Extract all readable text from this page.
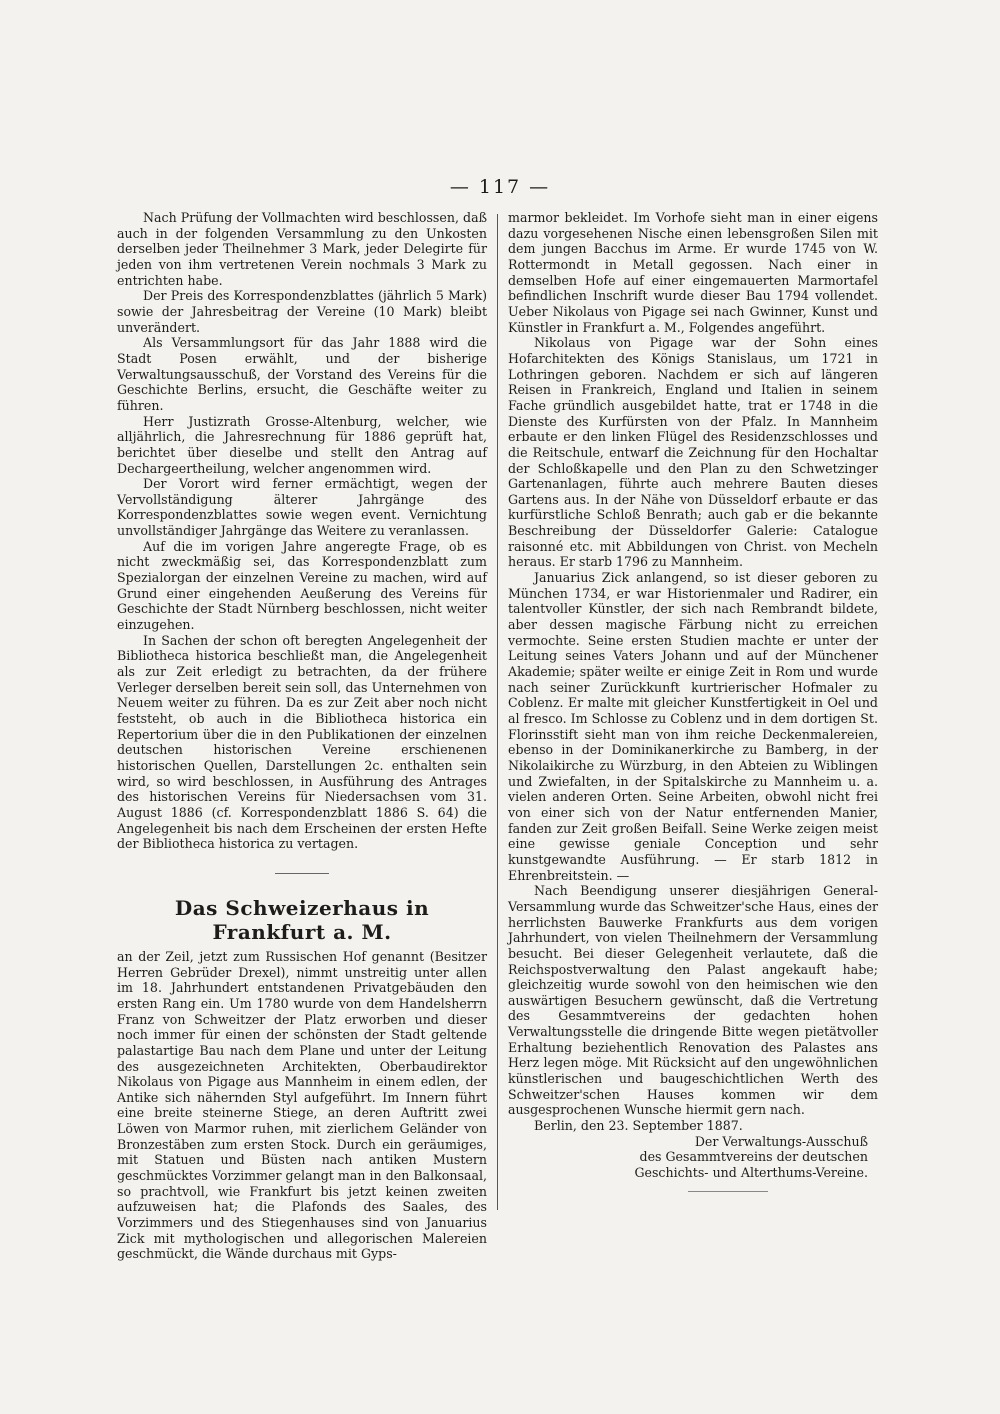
— 117 —

Nach Prüfung der Vollmachten wird beschlossen, daß auch in der folgenden Versammlung zu den Unkosten derselben jeder Theilnehmer 3 Mark, jeder Delegirte für jeden von ihm vertretenen Verein nochmals 3 Mark zu entrichten habe.

Der Preis des Korrespondenzblattes (jährlich 5 Mark) sowie der Jahresbeitrag der Vereine (10 Mark) bleibt unverändert.

Als Versammlungsort für das Jahr 1888 wird die Stadt Posen erwählt, und der bisherige Verwaltungsausschuß, der Vorstand des Vereins für die Geschichte Berlins, ersucht, die Geschäfte weiter zu führen.

Herr Justizrath Grosse-Altenburg, welcher, wie alljährlich, die Jahresrechnung für 1886 geprüft hat, berichtet über dieselbe und stellt den Antrag auf Dechargeertheilung, welcher angenommen wird.

Der Vorort wird ferner ermächtigt, wegen der Vervollständigung älterer Jahrgänge des Korrespondenzblattes sowie wegen event. Vernichtung unvollständiger Jahrgänge das Weitere zu veranlassen.

Auf die im vorigen Jahre angeregte Frage, ob es nicht zweckmäßig sei, das Korrespondenzblatt zum Spezialorgan der einzelnen Vereine zu machen, wird auf Grund einer eingehenden Aeußerung des Vereins für Geschichte der Stadt Nürnberg beschlossen, nicht weiter einzugehen.

In Sachen der schon oft beregten Angelegenheit der Bibliotheca historica beschließt man, die Angelegenheit als zur Zeit erledigt zu betrachten, da der frühere Verleger derselben bereit sein soll, das Unternehmen von Neuem weiter zu führen. Da es zur Zeit aber noch nicht feststeht, ob auch in die Bibliotheca historica ein Repertorium über die in den Publikationen der einzelnen deutschen historischen Vereine erschienenen historischen Quellen, Darstellungen 2c. enthalten sein wird, so wird beschlossen, in Ausführung des Antrages des historischen Vereins für Niedersachsen vom 31. August 1886 (cf. Korrespondenzblatt 1886 S. 64) die Angelegenheit bis nach dem Erscheinen der ersten Hefte der Bibliotheca historica zu vertagen.

Das Schweizerhaus in Frankfurt a. M.

an der Zeil, jetzt zum Russischen Hof genannt (Besitzer Herren Gebrüder Drexel), nimmt unstreitig unter allen im 18. Jahrhundert entstandenen Privatgebäuden den ersten Rang ein. Um 1780 wurde von dem Handelsherrn Franz von Schweitzer der Platz erworben und dieser noch immer für einen der schönsten der Stadt geltende palastartige Bau nach dem Plane und unter der Leitung des ausgezeichneten Architekten, Oberbaudirektor Nikolaus von Pigage aus Mannheim in einem edlen, der Antike sich nähernden Styl aufgeführt. Im Innern führt eine breite steinerne Stiege, an deren Auftritt zwei Löwen von Marmor ruhen, mit zierlichem Geländer von Bronzestäben zum ersten Stock. Durch ein geräumiges, mit Statuen und Büsten nach antiken Mustern geschmücktes Vorzimmer gelangt man in den Balkonsaal, so prachtvoll, wie Frankfurt bis jetzt keinen zweiten aufzuweisen hat; die Plafonds des Saales, des Vorzimmers und des Stiegenhauses sind von Januarius Zick mit mythologischen und allegorischen Malereien geschmückt, die Wände durchaus mit Gyps-

marmor bekleidet. Im Vorhofe sieht man in einer eigens dazu vorgesehenen Nische einen lebensgroßen Silen mit dem jungen Bacchus im Arme. Er wurde 1745 von W. Rottermondt in Metall gegossen. Nach einer in demselben Hofe auf einer eingemauerten Marmortafel befindlichen Inschrift wurde dieser Bau 1794 vollendet. Ueber Nikolaus von Pigage sei nach Gwinner, Kunst und Künstler in Frankfurt a. M., Folgendes angeführt.

Nikolaus von Pigage war der Sohn eines Hofarchitekten des Königs Stanislaus, um 1721 in Lothringen geboren. Nachdem er sich auf längeren Reisen in Frankreich, England und Italien in seinem Fache gründlich ausgebildet hatte, trat er 1748 in die Dienste des Kurfürsten von der Pfalz. In Mannheim erbaute er den linken Flügel des Residenzschlosses und die Reitschule, entwarf die Zeichnung für den Hochaltar der Schloßkapelle und den Plan zu den Schwetzinger Gartenanlagen, führte auch mehrere Bauten dieses Gartens aus. In der Nähe von Düsseldorf erbaute er das kurfürstliche Schloß Benrath; auch gab er die bekannte Beschreibung der Düsseldorfer Galerie: Catalogue raisonné etc. mit Abbildungen von Christ. von Mecheln heraus. Er starb 1796 zu Mannheim.

Januarius Zick anlangend, so ist dieser geboren zu München 1734, er war Historienmaler und Radirer, ein talentvoller Künstler, der sich nach Rembrandt bildete, aber dessen magische Färbung nicht zu erreichen vermochte. Seine ersten Studien machte er unter der Leitung seines Vaters Johann und auf der Münchener Akademie; später weilte er einige Zeit in Rom und wurde nach seiner Zurückkunft kurtrierischer Hofmaler zu Coblenz. Er malte mit gleicher Kunstfertigkeit in Oel und al fresco. Im Schlosse zu Coblenz und in dem dortigen St. Florinsstift sieht man von ihm reiche Deckenmalereien, ebenso in der Dominikanerkirche zu Bamberg, in der Nikolaikirche zu Würzburg, in den Abteien zu Wiblingen und Zwiefalten, in der Spitalskirche zu Mannheim u. a. vielen anderen Orten. Seine Arbeiten, obwohl nicht frei von einer sich von der Natur entfernenden Manier, fanden zur Zeit großen Beifall. Seine Werke zeigen meist eine gewisse geniale Conception und sehr kunstgewandte Ausführung. — Er starb 1812 in Ehrenbreitstein. —

Nach Beendigung unserer diesjährigen General-Versammlung wurde das Schweitzer'sche Haus, eines der herrlichsten Bauwerke Frankfurts aus dem vorigen Jahrhundert, von vielen Theilnehmern der Versammlung besucht. Bei dieser Gelegenheit verlautete, daß die Reichspostverwaltung den Palast angekauft habe; gleichzeitig wurde sowohl von den heimischen wie den auswärtigen Besuchern gewünscht, daß die Vertretung des Gesammtvereins der gedachten hohen Verwaltungsstelle die dringende Bitte wegen pietätvoller Erhaltung beziehentlich Renovation des Palastes ans Herz legen möge. Mit Rücksicht auf den ungewöhnlichen künstlerischen und baugeschichtlichen Werth des Schweitzer'schen Hauses kommen wir dem ausgesprochenen Wunsche hiermit gern nach.

Berlin, den 23. September 1887.

Der Verwaltungs-Ausschuß

des Gesammtvereins der deutschen

Geschichts- und Alterthums-Vereine.
